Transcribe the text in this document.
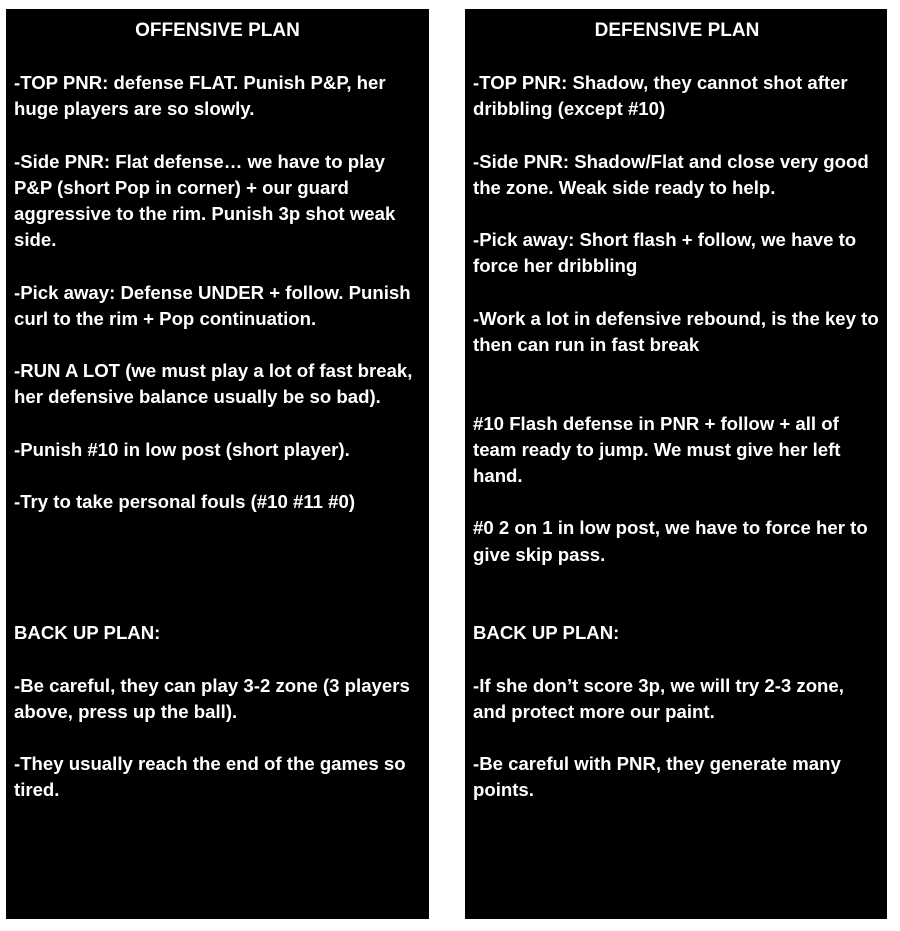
OFFENSIVE PLAN
-TOP PNR: defense FLAT. Punish P&P, her huge players are so slowly.
-Side PNR: Flat defense… we have to play P&P (short Pop in corner) + our guard aggressive to the rim. Punish 3p shot weak side.
-Pick away: Defense UNDER + follow. Punish curl to the rim + Pop continuation.
-RUN A LOT (we must play a lot of fast break, her defensive balance usually be so bad).
-Punish #10 in low post (short player).
-Try to take personal fouls (#10 #11 #0)
BACK UP PLAN:
-Be careful, they can play 3-2 zone (3 players above, press up the ball).
-They usually reach the end of the games so tired.
DEFENSIVE PLAN
-TOP PNR: Shadow, they cannot shot after dribbling (except #10)
-Side PNR: Shadow/Flat and close very good the zone. Weak side ready to help.
-Pick away: Short flash + follow, we have to force her dribbling
-Work a lot in defensive rebound, is the key to then can run in fast break
#10 Flash defense in PNR + follow + all of team ready to jump. We must give her left hand.
#0 2 on 1 in low post, we have to force her to give skip pass.
BACK UP PLAN:
-If she don’t score 3p, we will try 2-3 zone, and protect more our paint.
-Be careful with PNR, they generate many points.
